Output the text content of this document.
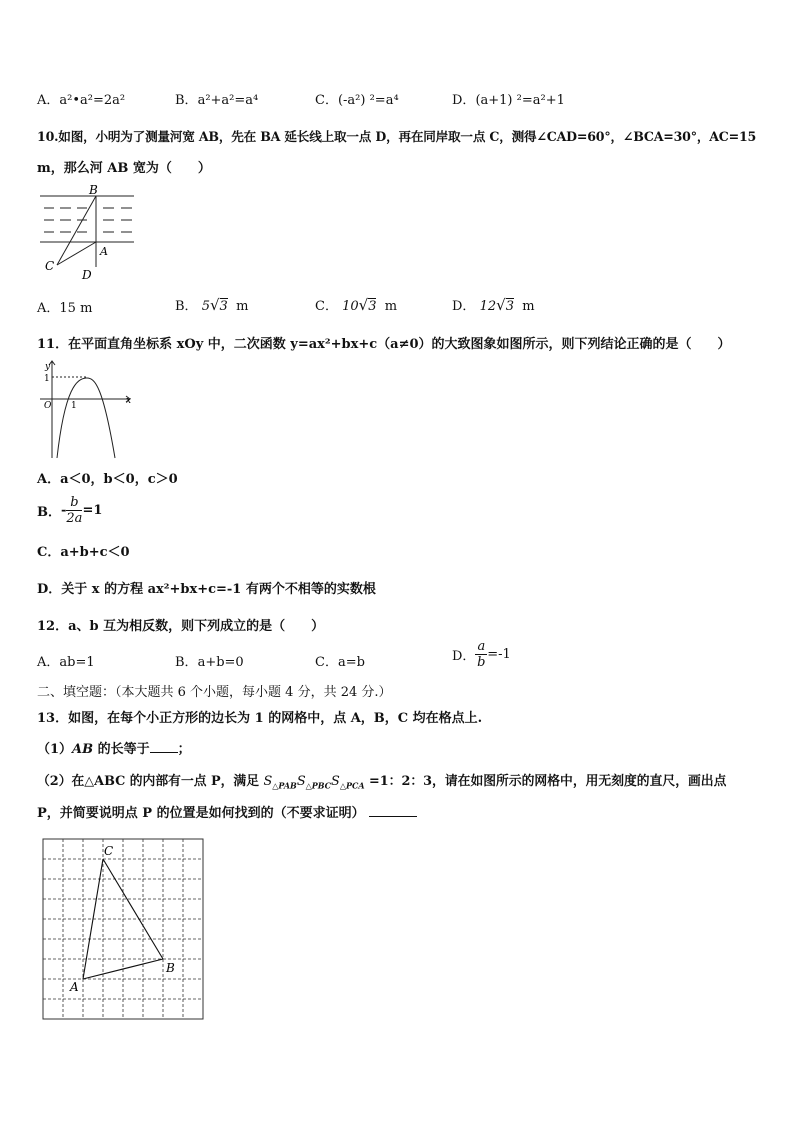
A．a²•a²=2a²	B．a²+a²=a⁴	C．(-a²) ²=a⁴	D．(a+1) ²=a²+1
10.如图，小明为了测量河宽 AB，先在 BA 延长线上取一点 D，再在同岸取一点 C，测得∠CAD=60°，∠BCA=30°，AC=15
m，那么河 AB 宽为（　　）
B
A
C
D
A．15 m	B． 5√3 m	C． 10√3 m	D． 12√3 m
11．在平面直角坐标系 xOy 中，二次函数 y=ax²+bx+c（a≠0）的大致图象如图所示，则下列结论正确的是（　　）
y
x
O
1
1
A．a＜0，b＜0，c＞0
B． - $\frac{b}{2a} =1$
C．a+b+c＜0
D．关于 x 的方程 ax²+bx+c=-1 有两个不相等的实数根
12．a、b 互为相反数，则下列成立的是（　　）
A．ab=1	B．a+b=0	C．a=b	D． $\frac{a}{b} =-1$
二、填空题：（本大题共 6 个小题，每小题 4 分，共 24 分.）
13．如图，在每个小正方形的边长为 1 的网格中，点 A，B，C 均在格点上.
（1）AB 的长等于 ；
（2）在△ABC 的内部有一点 P，满足 $S_{\triangle PAB}S_{\triangle PBC}S_{\triangle PCA} =1$：2：3，请在如图所示的网格中，用无刻度的直尺，画出点
P，并简要说明点 P 的位置是如何找到的（不要求证明）
C
B
A
